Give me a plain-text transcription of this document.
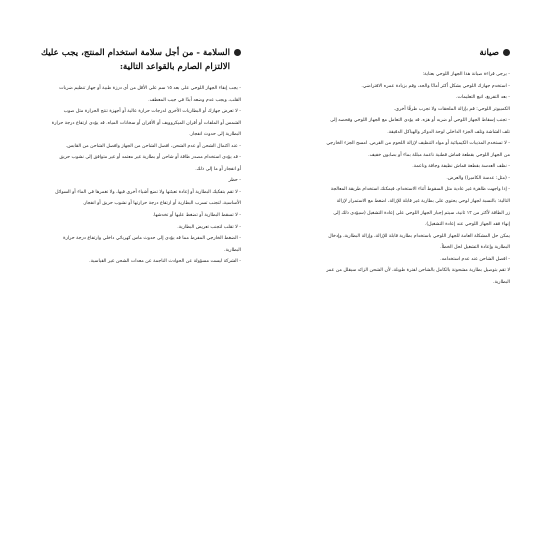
صيانة
- يرجى قراءة صيانة هذا الجهاز اللوحي بعناية:
- استخدم جهازك اللوحي بشكل أكثر أمانًا والحد، وقم بزيادة عمره الافتراضي.
- بعد التفريغ، اتبع التعليمات.
الكمبيوتر اللوحي: قم بإزالة الملحقات ولا تجرب طرقًا أخرى.
- تجنب إسقاط الجهاز اللوحي أو ضربه أو هزه. قد يؤدي التعامل مع الجهاز اللوحي وفحصه إلى
تلف الشاشة وتلف الجزء الداخلي لوحة الدوائر والهياكل الدقيقة.
- لا تستخدم المذيبات الكيميائية أو مواد التنظيف لإزالة اللحوم من القرص. امسح الجزء الخارجي
من الجهاز اللوحي بقطعة قماش قطنية ناعمة مبللة بماء أو بصابون خفيف.
- نظف العدسة بقطعة قماش نظيفة وجافة وناعمة.
- (مثل: عدسة الكاميرا) والعرض.
- إذا واجهت ظاهرة غير عادية مثل السقوط أثناء الاستخدام، فيمكنك استخدام طريقة المعالجة
التالية: بالنسبة لجهاز لوحي يحتوي على بطارية غير قابلة للإزالة، اضغط مع الاستمرار لإزالة
زر الطاقة لأكثر من ١٢ ثانية، سيتم إجبار الجهاز اللوحي على إعادة التشغيل (سيؤدي ذلك إلى
إنهاء فقد الجهاز اللوحي عند إعادة التشغيل).
يمكن حل المشكلة العامة للجهاز اللوحي باستخدام بطارية قابلة للإزالة، وإزالة البطارية، وإدخال
البطارية وإعادة التشغيل لحل الخطأ.
- افصل الشاحن عند عدم استخدامه.
لا تقم بتوصيل بطارية مشحونة بالكامل بالشاحن لفترة طويلة، لأن الشحن الزائد سيقلل من عمر
البطارية.
السلامة - من أجل سلامة استخدام المنتج، يجب عليك
الالتزام الصارم بالقواعد التالية:
- يجب إبقاء الجهاز اللوحي على بعد ١٥ سم على الأقل من أي درزة طبية أو جهاز تنظيم ضربات
القلب، ويجب عدم وضعه أبدًا في جيب المعطف.
- لا تعرض جهازك أو البطاريات الأخرى لدرجات حرارة عالية أو أجهزة تنتج الحرارة مثل صوب
الشمس أو الملفات أو أفران الميكروويف أو الأفران أو سخانات المياه. قد يؤدي ارتفاع درجة حرارة
البطارية إلى حدوث انفجار.
- عند اكتمال الشحن أو عدم الشحن، افصل الشاحن من الجهاز وافصل الشاحن من القابس.
- قد يؤدي استخدام مصدر طاقة أو شاحن أو بطارية غير معتمد أو غير متوافق إلى نشوب حريق
أو انفجار أو ما إلى ذلك.
- حظر
- لا تقم بتفكيك البطارية أو إعادة تعبئتها ولا تضع أشياء أخرى فيها، ولا تغمرها في الماء أو السوائل
الأساسية، لتجنب تسرب البطارية أو ارتفاع درجة حرارتها أو نشوب حريق أو انفجار.
- لا تسقط البطارية أو تضغط عليها أو تخدشها.
- لا تقلب لتجنب تعريض البطارية.
- الضغط الخارجي المفرط مما قد يؤدي إلى حدوث ماس كهربائي داخلي وارتفاع درجة حرارة
البطارية.
- الشركة ليست مسؤولة عن الحوادث الناجمة عن معدات الشحن غير القياسية.
